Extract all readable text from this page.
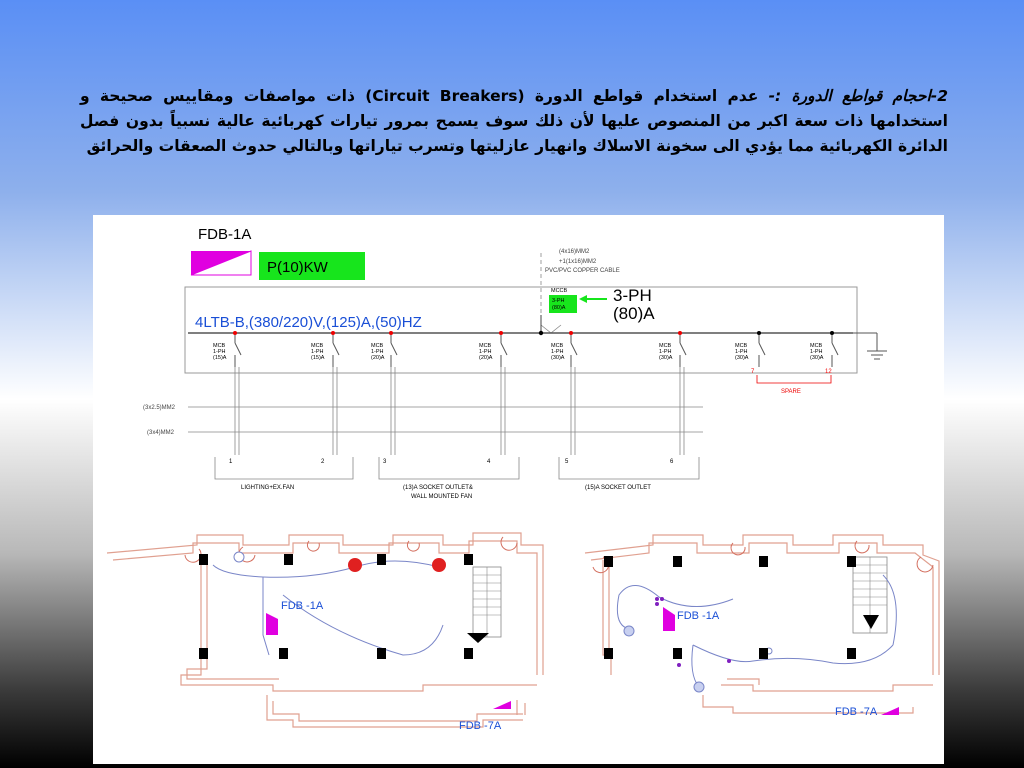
2-احجام قواطع الدورة :- عدم استخدام قواطع الدورة (Circuit Breakers) ذات مواصفات ومقاييس صحيحة و استخدامها ذات سعة اكبر من المنصوص عليها لأن ذلك سوف يسمح بمرور تيارات كهربائية عالية نسبياً بدون فصل الدائرة الكهربائية مما يؤدي الى سخونة الاسلاك وانهيار عازليتها وتسرب تياراتها وبالتالي حدوث الصعقات والحرائق
FDB-1A
P(10)KW
(4x16)MM2
+1(1x16)MM2
PVC/PVC COPPER CABLE
MCCB
3-PH
(80)A
3-PH
(80)A
4LTB-B,(380/220)V,(125)A,(50)HZ
MCB
1-PH
(15)A
MCB
1-PH
(15)A
MCB
1-PH
(20)A
MCB
1-PH
(20)A
MCB
1-PH
(30)A
MCB
1-PH
(30)A
MCB
1-PH
(30)A
MCB
1-PH
(30)A
SPARE
7	12
(3x2.5)MM2
(3x4)MM2
1	2	3	4	5	6
LIGHTING+EX.FAN	(13)A SOCKET OUTLET&
WALL MOUNTED FAN
(15)A SOCKET OUTLET
FDB -1A
FDB -7A
FDB -1A
FDB -7A
